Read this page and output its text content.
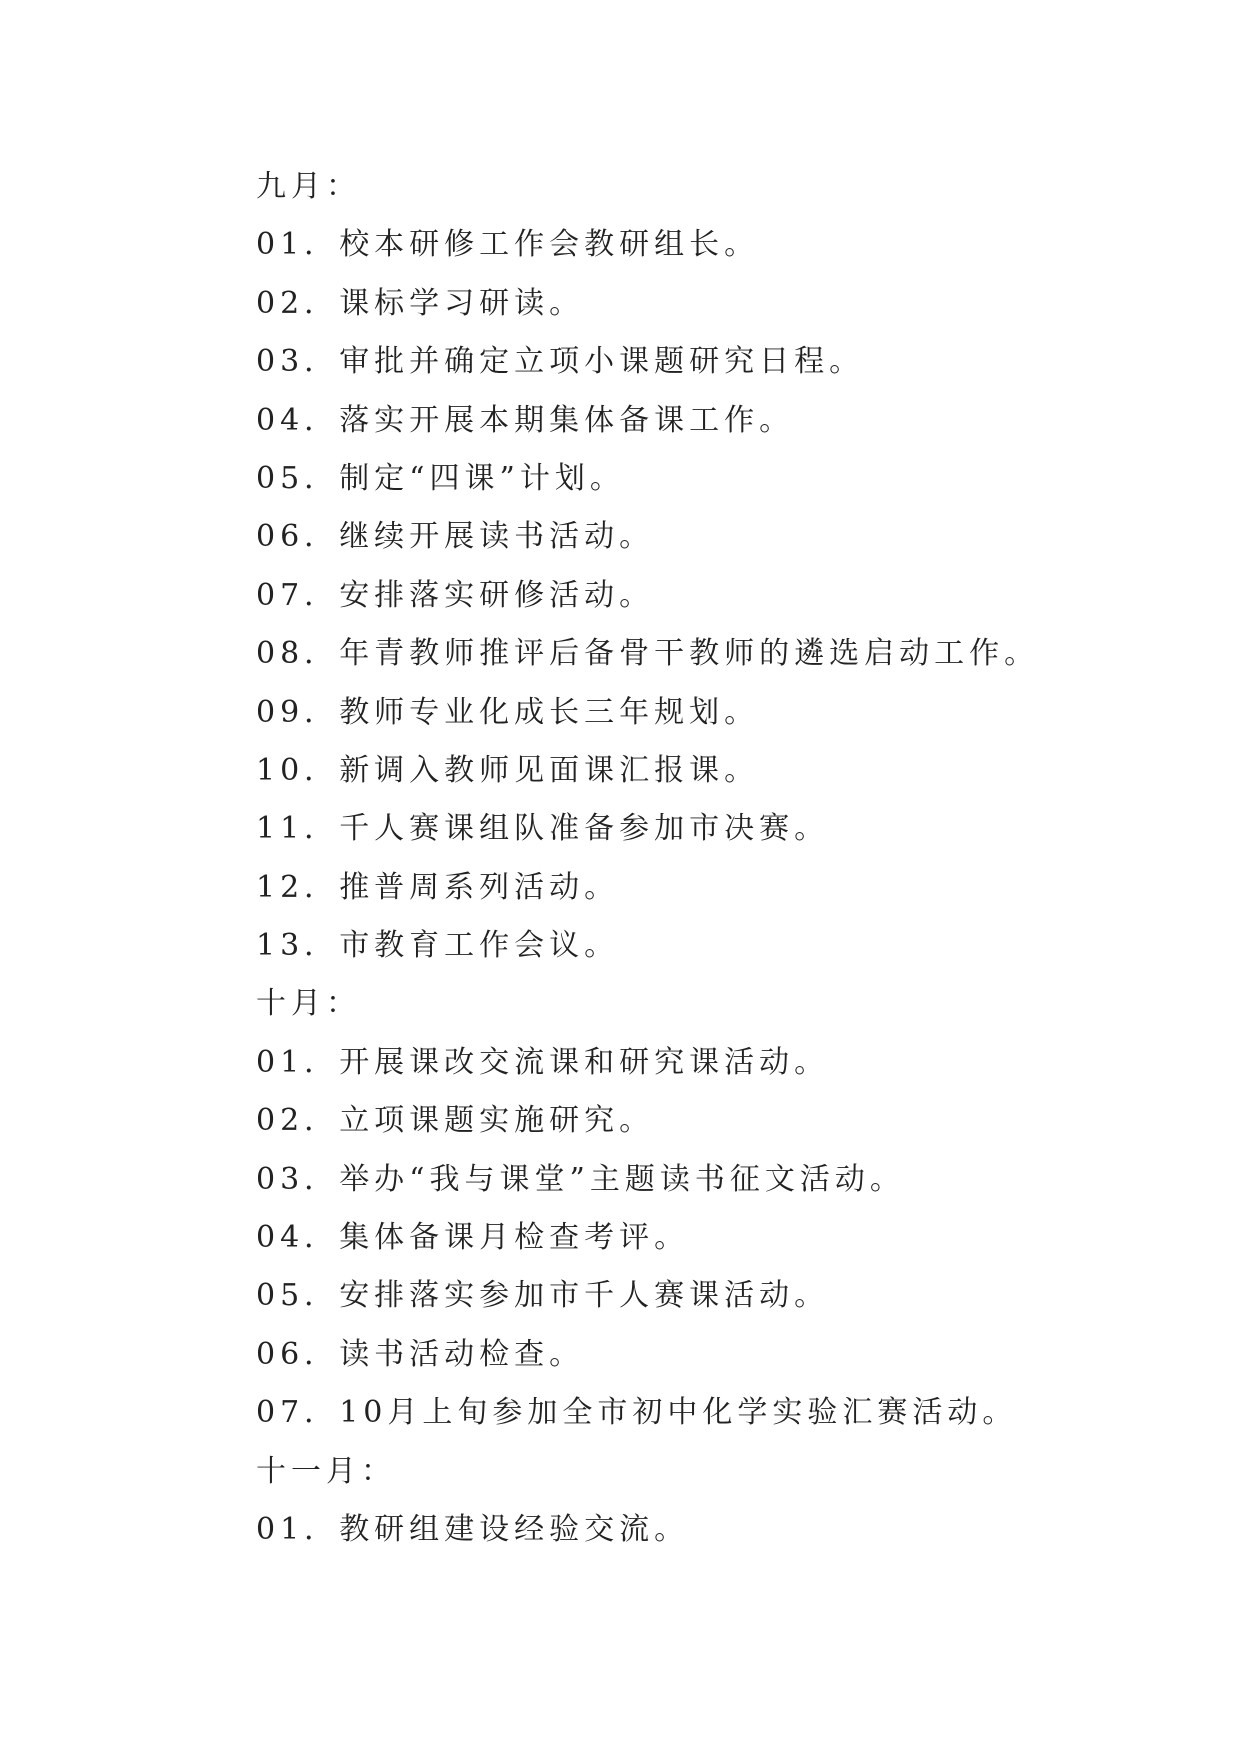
九月：
01．校本研修工作会教研组长。
02．课标学习研读。
03．审批并确定立项小课题研究日程。
04．落实开展本期集体备课工作。
05．制定“四课”计划。
06．继续开展读书活动。
07．安排落实研修活动。
08．年青教师推评后备骨干教师的遴选启动工作。
09．教师专业化成长三年规划。
10．新调入教师见面课汇报课。
11．千人赛课组队准备参加市决赛。
12．推普周系列活动。
13．市教育工作会议。
十月：
01．开展课改交流课和研究课活动。
02．立项课题实施研究。
03．举办“我与课堂”主题读书征文活动。
04．集体备课月检查考评。
05．安排落实参加市千人赛课活动。
06．读书活动检查。
07．10月上旬参加全市初中化学实验汇赛活动。
十一月：
01．教研组建设经验交流。
